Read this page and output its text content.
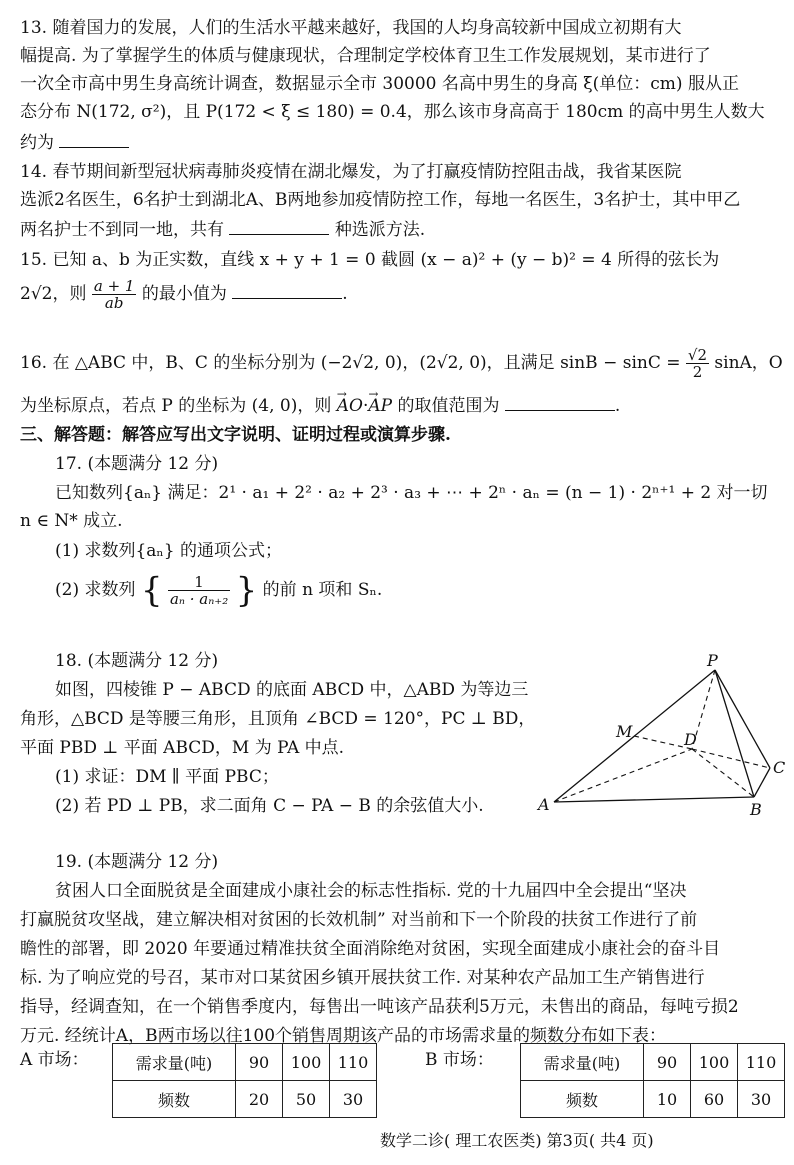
13. 随着国力的发展，人们的生活水平越来越好，我国的人均身高较新中国成立初期有大
幅提高. 为了掌握学生的体质与健康现状，合理制定学校体育卫生工作发展规划，某市进行了
一次全市高中男生身高统计调查，数据显示全市 30000 名高中男生的身高 ξ(单位：cm) 服从正
态分布 N(172, σ²)，且 P(172 < ξ ≤ 180) = 0.4，那么该市身高高于 180cm 的高中男生人数大
约为
14. 春节期间新型冠状病毒肺炎疫情在湖北爆发，为了打赢疫情防控阻击战，我省某医院
选派2名医生，6名护士到湖北A、B两地参加疫情防控工作，每地一名医生，3名护士，其中甲乙
两名护士不到同一地，共有	种选派方法.
15. 已知 a、b 为正实数，直线 x + y + 1 = 0 截圆 (x − a)² + (y − b)² = 4 所得的弦长为
2√2，则 $\frac{a + 1}{ab}$ 的最小值为	.
16. 在 △ABC 中，B、C 的坐标分别为 (−2√2, 0)，(2√2, 0)，且满足 $\sin B - \sin C = \frac{√2}{2}$ sinA，O
为坐标原点，若点 P 的坐标为 (4, 0)，则 → AO·→ AP 的取值范围为	.
三、解答题：解答应写出文字说明、证明过程或演算步骤.
17. (本题满分 12 分)
已知数列{aₙ} 满足：2¹ · a₁ + 2² · a₂ + 2³ · a₃ + ⋯ + 2ⁿ · aₙ = (n − 1) · 2ⁿ⁺¹ + 2 对一切
n ∈ N* 成立.
(1) 求数列{aₙ} 的通项公式；
(2) 求数列 { $\frac{1}{\text{aₙ · aₙ₊₂}}$ } 的前 n 项和 Sₙ.
18. (本题满分 12 分)
如图，四棱锥 P − ABCD 的底面 ABCD 中，△ABD 为等边三
角形，△BCD 是等腰三角形，且顶角 ∠BCD = 120°，PC ⊥ BD，
平面 PBD ⊥ 平面 ABCD，M 为 PA 中点.
(1) 求证：DM ∥ 平面 PBC；
(2) 若 PD ⊥ PB，求二面角 C − PA − B 的余弦值大小.
P
M	D
C
A	B
19. (本题满分 12 分)
贫困人口全面脱贫是全面建成小康社会的标志性指标. 党的十九届四中全会提出“坚决
打赢脱贫攻坚战，建立解决相对贫困的长效机制” 对当前和下一个阶段的扶贫工作进行了前
瞻性的部署，即 2020 年要通过精准扶贫全面消除绝对贫困，实现全面建成小康社会的奋斗目
标. 为了响应党的号召，某市对口某贫困乡镇开展扶贫工作. 对某种农产品加工生产销售进行
指导，经调查知，在一个销售季度内，每售出一吨该产品获利5万元，未售出的商品，每吨亏损2
万元. 经统计A，B两市场以往100个销售周期该产品的市场需求量的频数分布如下表：
A 市场：	需求量(吨)	90	100	110
频数	20	50	30
B 市场：	需求量(吨)	90	100	110
频数	10	60	30
数学二诊( 理工农医类) 第3页( 共4 页)
